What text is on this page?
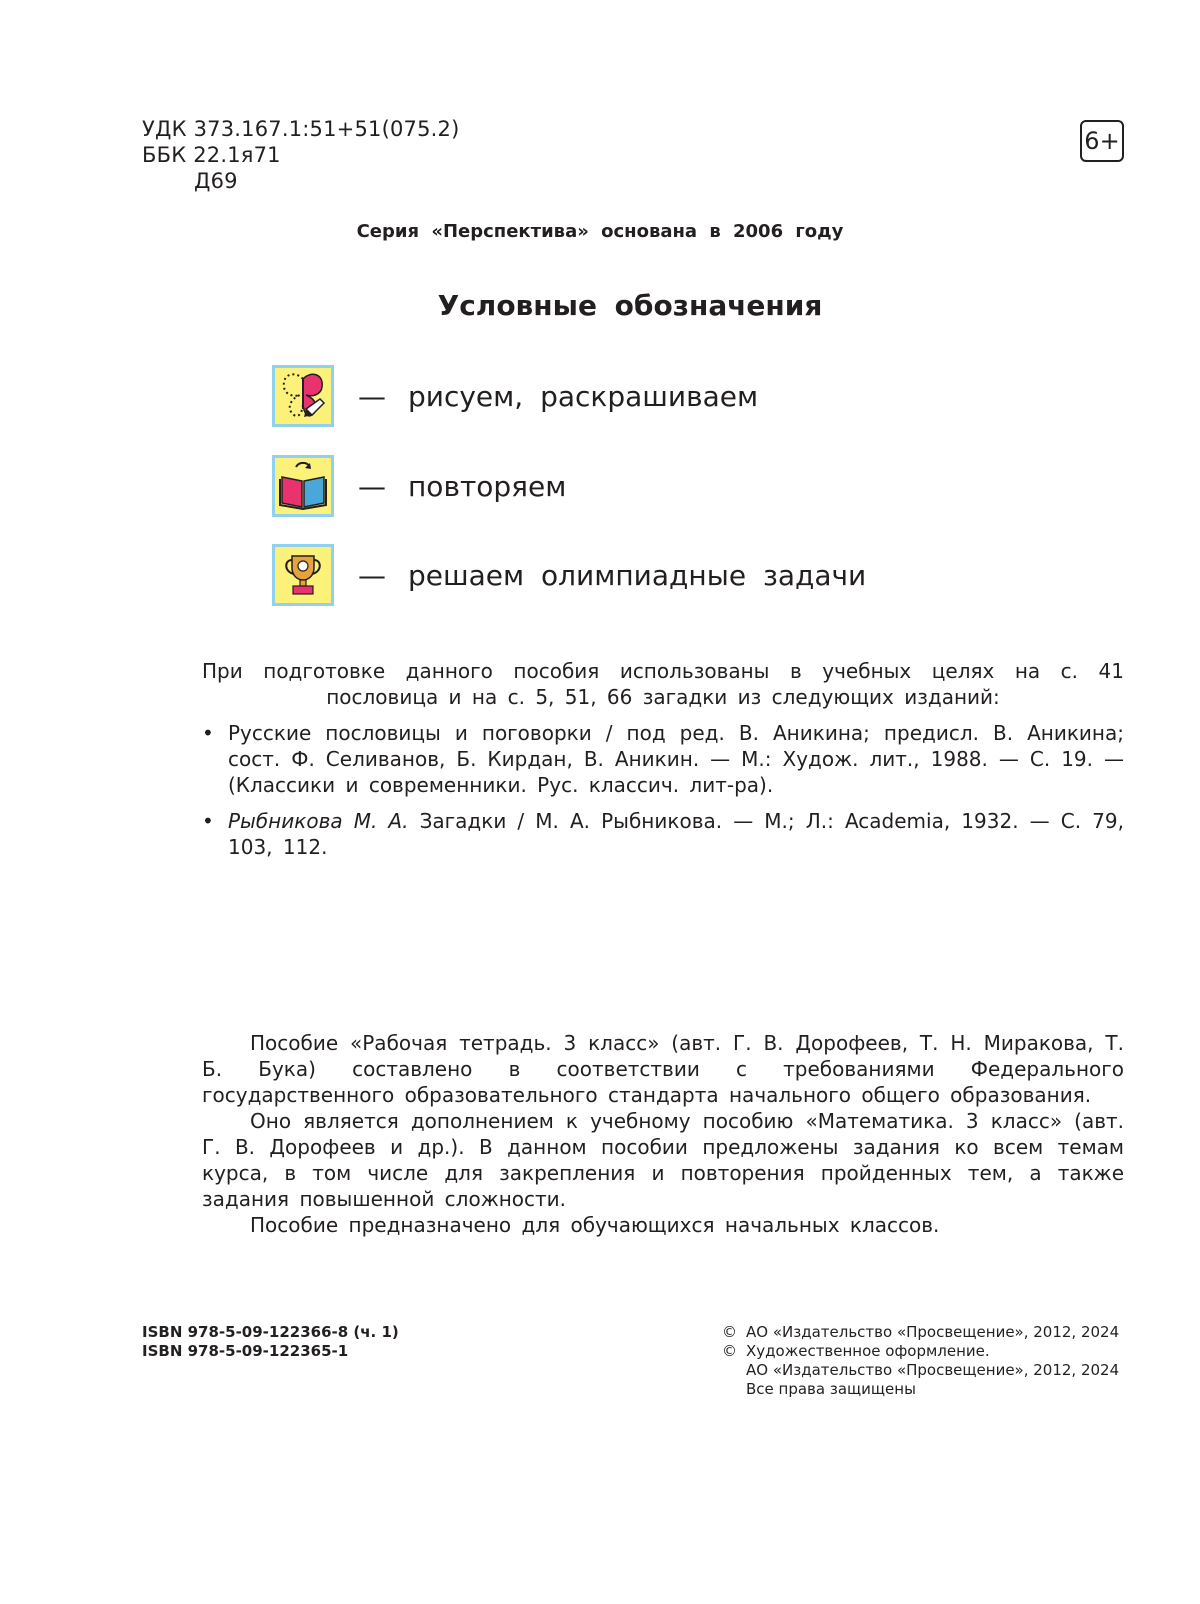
УДК 373.167.1:51+51(075.2)
ББК 22.1я71
Д69
6+
Серия «Перспектива» основана в 2006 году
Условные обозначения
— рисуем, раскрашиваем
— повторяем
— решаем олимпиадные задачи
При подготовке данного пособия использованы в учебных целях на с. 41 пословица и на с. 5, 51, 66 загадки из следующих изданий:
• Русские пословицы и поговорки / под ред. В. Аникина; предисл. В. Аникина; сост. Ф. Селиванов, Б. Кирдан, В. Аникин. — М.: Худож. лит., 1988. — С. 19. — (Классики и современники. Рус. классич. лит-ра).
• Рыбникова М. А. Загадки / М. А. Рыбникова. — М.; Л.: Academia, 1932. — С. 79, 103, 112.

Пособие «Рабочая тетрадь. 3 класс» (авт. Г. В. Дорофеев, Т. Н. Миракова, Т. Б. Бука) составлено в соответствии с требованиями Федерального государственного образовательного стандарта начального общего образования.

Оно является дополнением к учебному пособию «Математика. 3 класс» (авт. Г. В. Дорофеев и др.). В данном пособии предложены задания ко всем темам курса, в том числе для закрепления и повторения пройденных тем, а также задания повышенной сложности.

Пособие предназначено для обучающихся начальных классов.

ISBN 978-5-09-122366-8 (ч. 1)
ISBN 978-5-09-122365-1
© АО «Издательство «Просвещение», 2012, 2024
© Художественное оформление.
АО «Издательство «Просвещение», 2012, 2024
Все права защищены
